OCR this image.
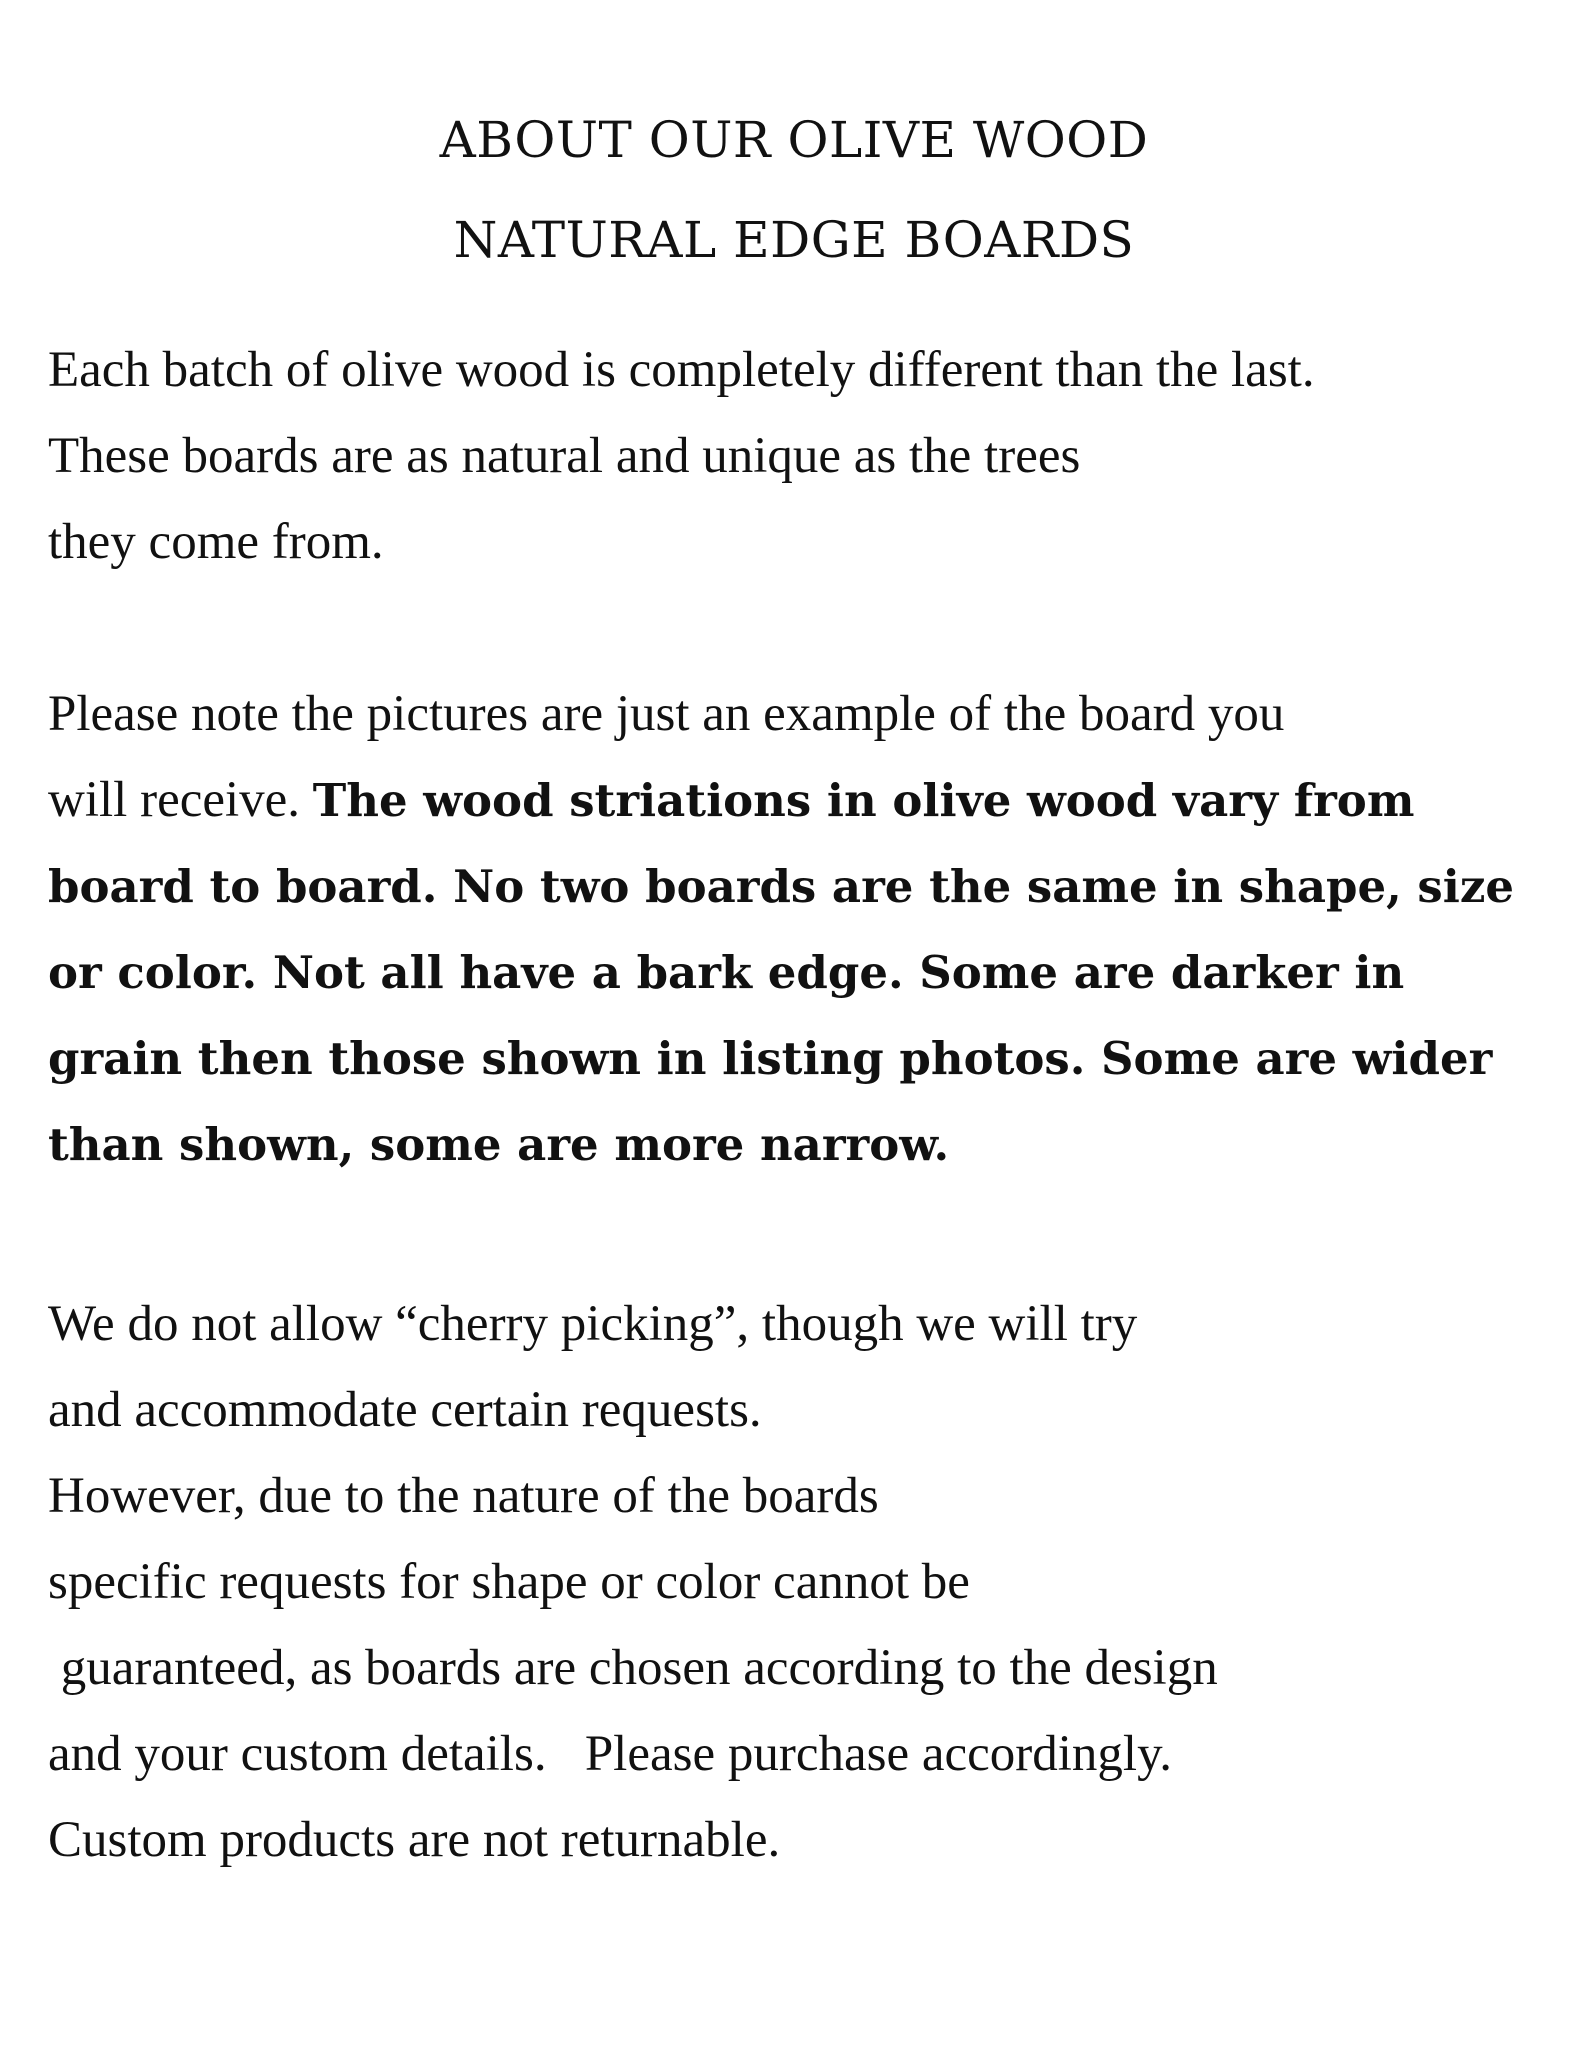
ABOUT OUR OLIVE WOOD
NATURAL EDGE BOARDS
Each batch of olive wood is completely different than the last.
These boards are as natural and unique as the trees
they come from.
Please note the pictures are just an example of the board you
will receive. The wood striations in olive wood vary from
board to board. No two boards are the same in shape, size
or color. Not all have a bark edge. Some are darker in
grain then those shown in listing photos. Some are wider
than shown, some are more narrow.
We do not allow “cherry picking”, though we will try
and accommodate certain requests.
However, due to the nature of the boards
specific requests for shape or color cannot be
guaranteed, as boards are chosen according to the design
and your custom details.   Please purchase accordingly.
Custom products are not returnable.
